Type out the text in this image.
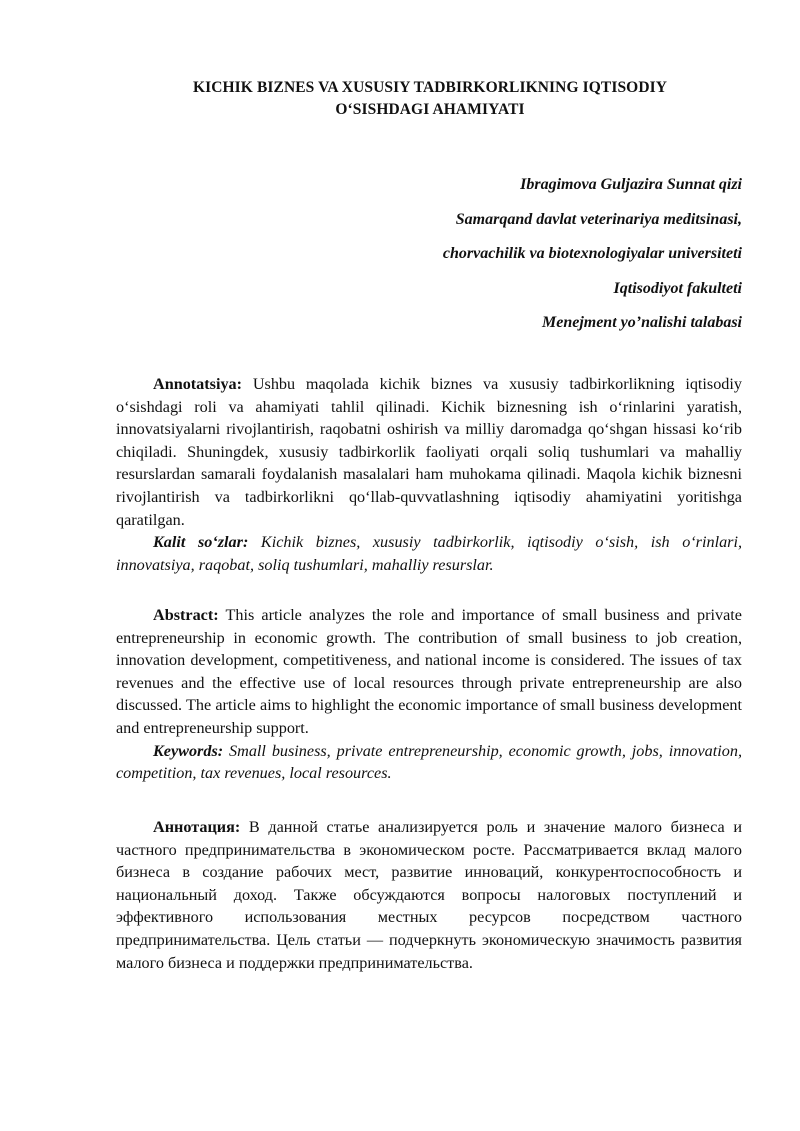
KICHIK BIZNES VA XUSUSIY TADBIRKORLIKNING IQTISODIY
O‘SISHDAGI AHAMIYATI
Ibragimova Guljazira Sunnat qizi
Samarqand davlat veterinariya meditsinasi,
chorvachilik va biotexnologiyalar universiteti
Iqtisodiyot fakulteti
Menejment yo’nalishi talabasi

Annotatsiya: Ushbu maqolada kichik biznes va xususiy tadbirkorlikning iqtisodiy o‘sishdagi roli va ahamiyati tahlil qilinadi. Kichik biznesning ish o‘rinlarini yaratish, innovatsiyalarni rivojlantirish, raqobatni oshirish va milliy daromadga qo‘shgan hissasi ko‘rib chiqiladi. Shuningdek, xususiy tadbirkorlik faoliyati orqali soliq tushumlari va mahalliy resurslardan samarali foydalanish masalalari ham muhokama qilinadi. Maqola kichik biznesni rivojlantirish va tadbirkorlikni qo‘llab-quvvatlashning iqtisodiy ahamiyatini yoritishga qaratilgan.

Kalit so‘zlar: Kichik biznes, xususiy tadbirkorlik, iqtisodiy o‘sish, ish o‘rinlari, innovatsiya, raqobat, soliq tushumlari, mahalliy resurslar.

Abstract: This article analyzes the role and importance of small business and private entrepreneurship in economic growth. The contribution of small business to job creation, innovation development, competitiveness, and national income is considered. The issues of tax revenues and the effective use of local resources through private entrepreneurship are also discussed. The article aims to highlight the economic importance of small business development and entrepreneurship support.

Keywords: Small business, private entrepreneurship, economic growth, jobs, innovation, competition, tax revenues, local resources.

Аннотация: В данной статье анализируется роль и значение малого бизнеса и частного предпринимательства в экономическом росте. Рассматривается вклад малого бизнеса в создание рабочих мест, развитие инноваций, конкурентоспособность и национальный доход. Также обсуждаются вопросы налоговых поступлений и эффективного использования местных ресурсов посредством частного предпринимательства. Цель статьи — подчеркнуть экономическую значимость развития малого бизнеса и поддержки предпринимательства.
